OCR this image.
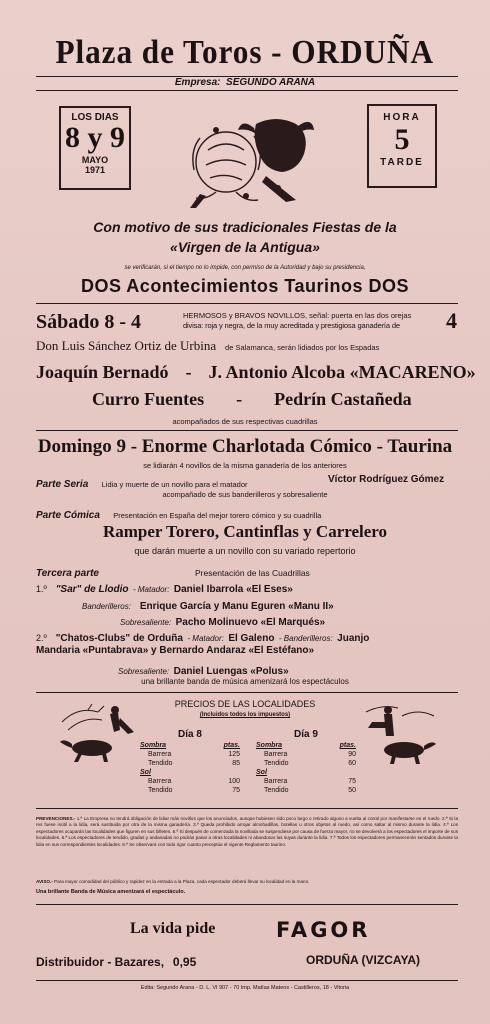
Plaza de Toros - ORDUÑA
Empresa: SEGUNDO ARANA
LOS DIAS
8 y 9
MAYO
1971
HORA
5
TARDE
Con motivo de sus tradicionales Fiestas de la
«Virgen de la Antigua»
se verificarán, si el tiempo no lo impide, con permiso de la Autoridad y bajo su presidencia,
DOS Acontecimientos Taurinos DOS
Sábado 8 - 4	HERMOSOS y BRAVOS NOVILLOS, señal: puerta en las dos orejas
divisa: roja y negra, de la muy acreditada y prestigiosa ganadería de 4
Don Luis Sánchez Ortiz de Urbina de Salamanca, serán lidiados por los Espadas
Joaquín Bernadó - J. Antonio Alcoba «MACARENO»
Curro Fuentes - Pedrín Castañeda
acompañados de sus respectivas cuadrillas
Domingo 9 - Enorme Charlotada Cómico - Taurina
se lidiarán 4 novillos de la misma ganadería de los anteriores
Parte Seria Lidia y muerte de un novillo para el matador	Víctor Rodríguez Gómez
acompañado de sus banderilleros y sobresaliente
Parte Cómica Presentación en España del mejor torero cómico y su cuadrilla
Ramper Torero, Cantinflas y Carrelero
que darán muerte a un novillo con su variado repertorio
Tercera parte	Presentación de las Cuadrillas
1.º "Sar" de Llodio - Matador: Daniel Ibarrola «El Eses»
Banderilleros: Enrique García y Manu Eguren «Manu II»
Sobresaliente: Pacho Molinuevo «El Marqués»
2.º "Chatos-Clubs" de Orduña - Matador: El Galeno - Banderilleros: Juanjo
Mandaria «Puntabrava» y Bernardo Andaraz «El Estéfano»
Sobresaliente: Daniel Luengas «Polus»
una brillante banda de música amenizará los espectáculos
PRECIOS DE LAS LOCALIDADES
(Incluidos todos los impuestos)
Día 8
Sombra	ptas.
Barrera	125
Tendido	85
Sol
Barrera	100
Tendido	75
Día 9
Sombra	ptas.
Barrera	90
Tendido	60
Sol
Barrera	75
Tendido	50
PREVENCIONES.- 1.ª La Empresa no tendrá obligación de lidiar más novillos que los anunciados, aunque hubiesen sido poco largo o retirado alguno a vuelta al corral por manifestarse en el ruedo. 2.ª Si la res fuese inútil a la lidia, será sustituida por otra de la misma ganadería. 3.ª Queda prohibido arrojar almohadillas, botellas u otros objetos al ruedo, así como saltar al mismo durante la lidia. 4.ª Los espectadores ocuparán las localidades que figuren en sus billetes. 5.ª Si después de comenzada la novillada se suspendiese por causa de fuerza mayor, no se devolverá a los espectadores el importe de sus localidades. 6.ª Los espectadores de tendido, gradas y andanadas no podrán pasar a otras localidades ni abandonar las suyas durante la lidia. 7.ª Todos los espectadores permanecerán sentados durante la lidia en sus correspondientes localidades. 8.ª Se observará con todo rigor cuanto preceptúa el vigente Reglamento taurino.
AVISO.- Para mayor comodidad del público y rapidez en la entrada a la Plaza, cada espectador deberá llevar su localidad en la mano.
Una brillante Banda de Música amenizará el espectáculo.
La vida pide	FAGOR
Distribuidor - Bazares, 0,95	ORDUÑA (VIZCAYA)
Edita: Segundo Arana - D. L. VI 907 - 70 Imp. Matías Mateos - Castilleros, 18 - Vitoria
